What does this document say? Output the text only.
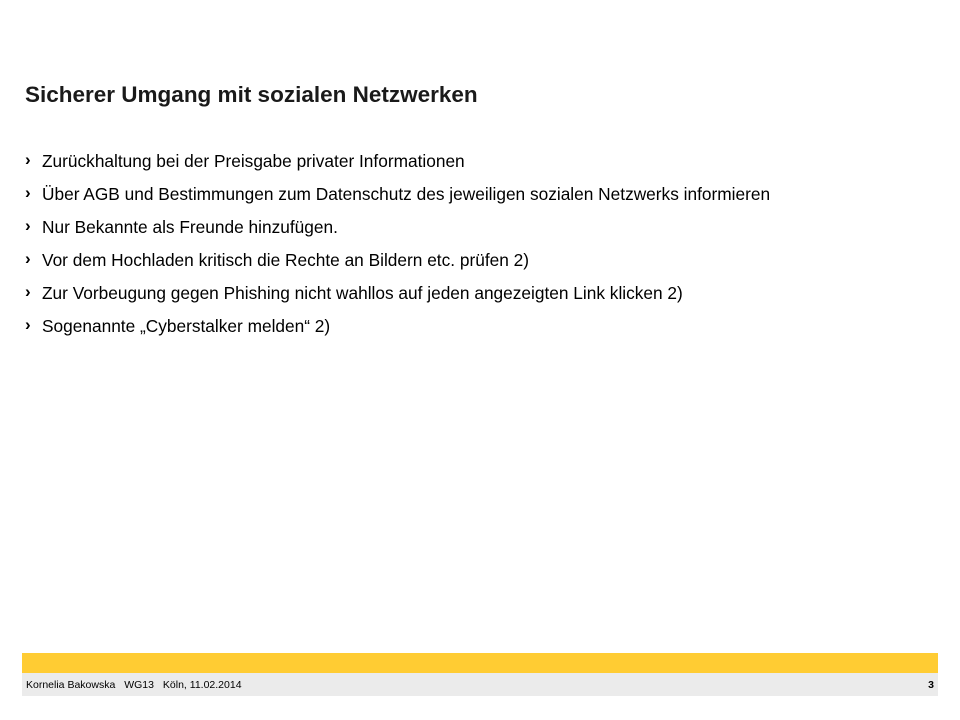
Sicherer Umgang mit sozialen Netzwerken
› Zurückhaltung bei der Preisgabe privater Informationen
› Über AGB und Bestimmungen zum Datenschutz des jeweiligen sozialen Netzwerks informieren
› Nur Bekannte als Freunde hinzufügen.
› Vor dem Hochladen kritisch die Rechte an Bildern etc. prüfen 2)
› Zur Vorbeugung gegen Phishing nicht wahllos auf jeden angezeigten Link klicken 2)
› Sogenannte „Cyberstalker melden“ 2)
Kornelia Bakowska WG13 Köln, 11.02.2014	3
